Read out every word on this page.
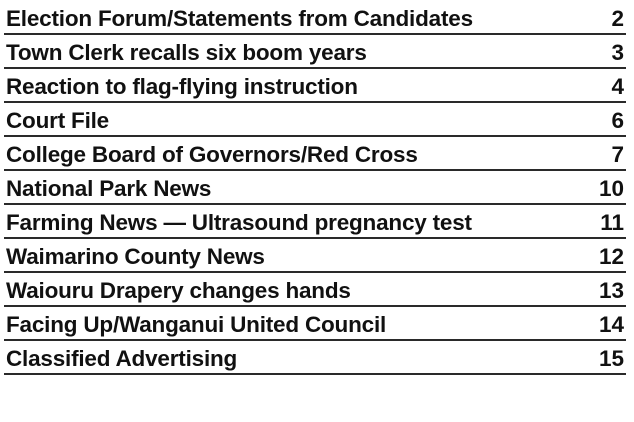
Election Forum/Statements from Candidates	2
Town Clerk recalls six boom years	3
Reaction to flag-flying instruction	4
Court File	6
College Board of Governors/Red Cross	7
National Park News	10
Farming News — Ultrasound pregnancy test	11
Waimarino County News	12
Waiouru Drapery changes hands	13
Facing Up/Wanganui United Council	14
Classified Advertising	15
